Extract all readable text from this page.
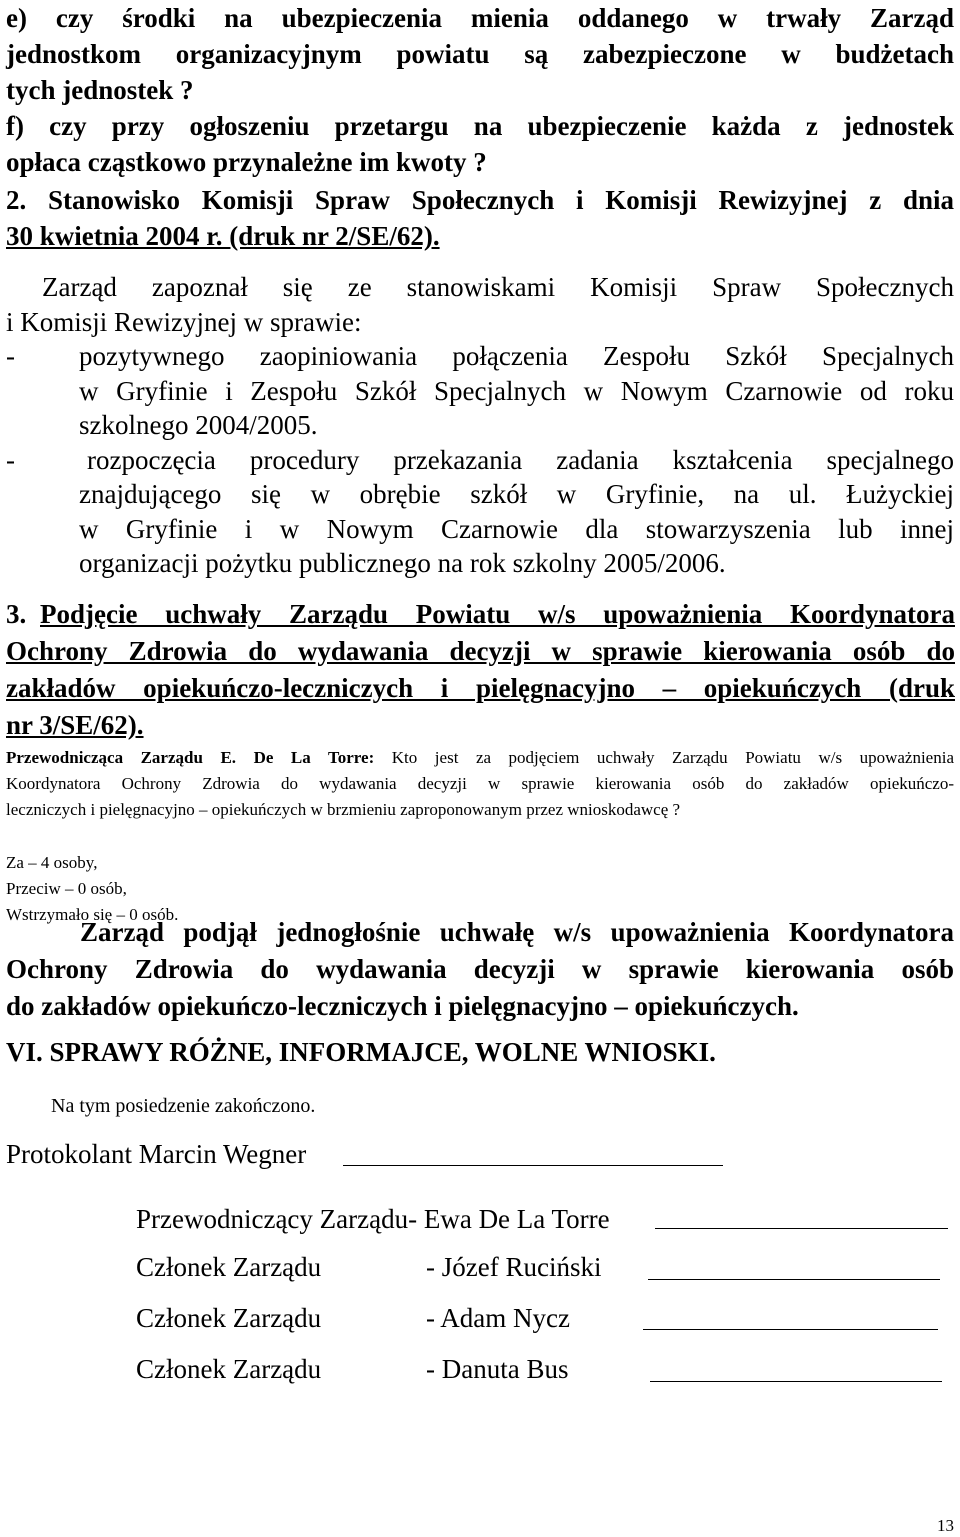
e) czy środki na ubezpieczenia mienia oddanego w trwały Zarząd
jednostkom organizacyjnym powiatu są zabezpieczone w budżetach
tych jednostek ?
f) czy przy ogłoszeniu przetargu na ubezpieczenie każda z jednostek
opłaca cząstkowo przynależne im kwoty ?
2. Stanowisko Komisji Spraw Społecznych i Komisji Rewizyjnej z dnia
30 kwietnia 2004 r. (druk nr 2/SE/62).
Zarząd zapoznał się ze stanowiskami Komisji Spraw Społecznych
i Komisji Rewizyjnej w sprawie:
- pozytywnego zaopiniowania połączenia Zespołu Szkół Specjalnych
w Gryfinie i Zespołu Szkół Specjalnych w Nowym Czarnowie od roku
szkolnego 2004/2005.
-	rozpoczęcia procedury przekazania zadania kształcenia specjalnego
znajdującego się w obrębie szkół w Gryfinie, na ul. Łużyckiej
w Gryfinie i w Nowym Czarnowie dla stowarzyszenia lub innej
organizacji pożytku publicznego na rok szkolny 2005/2006.
3. Podjęcie uchwały Zarządu Powiatu w/s upoważnienia Koordynatora
Ochrony Zdrowia do wydawania decyzji w sprawie kierowania osób do
zakładów opiekuńczo-leczniczych i pielęgnacyjno – opiekuńczych (druk
nr 3/SE/62).
Przewodnicząca Zarządu E. De La Torre: Kto jest za podjęciem uchwały Zarządu Powiatu w/s upoważnienia
Koordynatora Ochrony Zdrowia do wydawania decyzji w sprawie kierowania osób do zakładów opiekuńczo-
leczniczych i pielęgnacyjno – opiekuńczych w brzmieniu zaproponowanym przez wnioskodawcę ?
Za – 4 osoby,
Przeciw – 0 osób,
Wstrzymało się – 0 osób.
Zarząd podjął jednogłośnie uchwałę w/s upoważnienia Koordynatora
Ochrony Zdrowia do wydawania decyzji w sprawie kierowania osób
do zakładów opiekuńczo-leczniczych i pielęgnacyjno – opiekuńczych.
VI. SPRAWY RÓŻNE, INFORMAJCE, WOLNE WNIOSKI.
Na tym posiedzenie zakończono.
Protokolant Marcin Wegner
Przewodniczący Zarządu- Ewa De La Torre
Członek Zarządu	- Józef Ruciński
Członek Zarządu	- Adam Nycz
Członek Zarządu	- Danuta Bus
13
